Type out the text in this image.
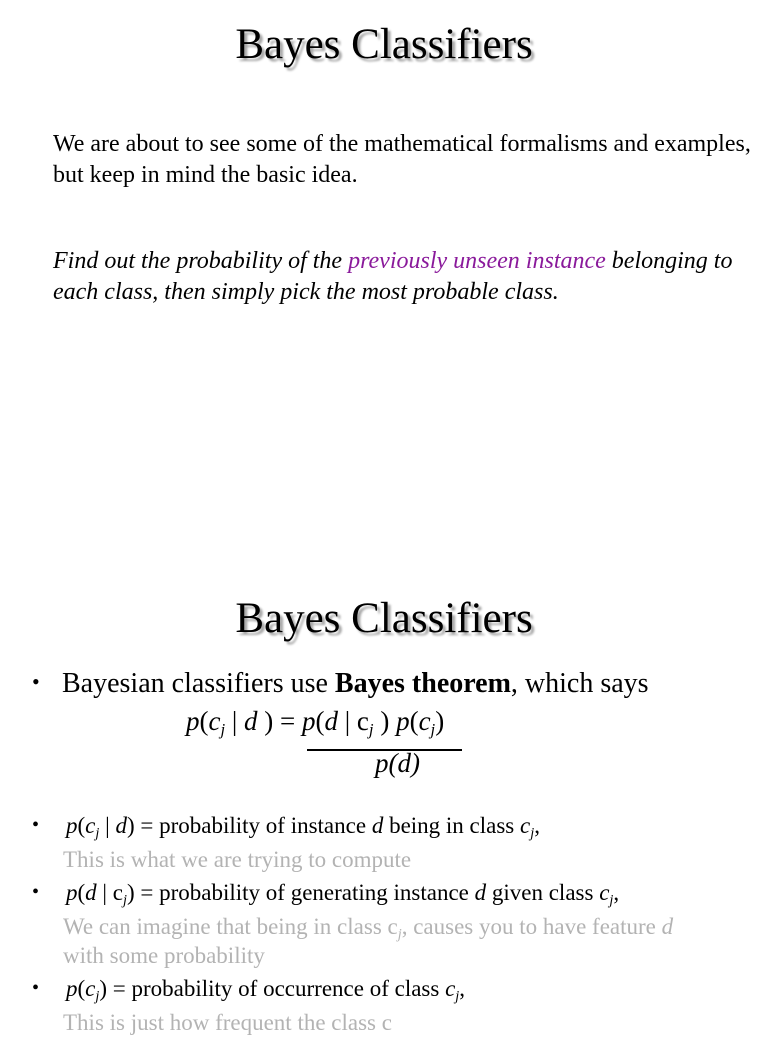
Bayes Classifiers
We are about to see some of the mathematical formalisms and examples, but keep in mind the basic idea.
Find out the probability of the previously unseen instance belonging to each class, then simply pick the most probable class.
Bayes Classifiers
• Bayesian classifiers use Bayes theorem, which says
$p(c_j$ | d ) = p(d | $c_j$ ) $p(c_j)$
p(d)
• $p(c_j$ | d) = probability of instance d being in class $c_j$,
This is what we are trying to compute
• p(d | $c_j$) = probability of generating instance d given class $c_j$,
We can imagine that being in class $c_j$, causes you to have feature d
with some probability
• $p(c_j)$ = probability of occurrence of class $c_j$,
This is just how frequent the class c
